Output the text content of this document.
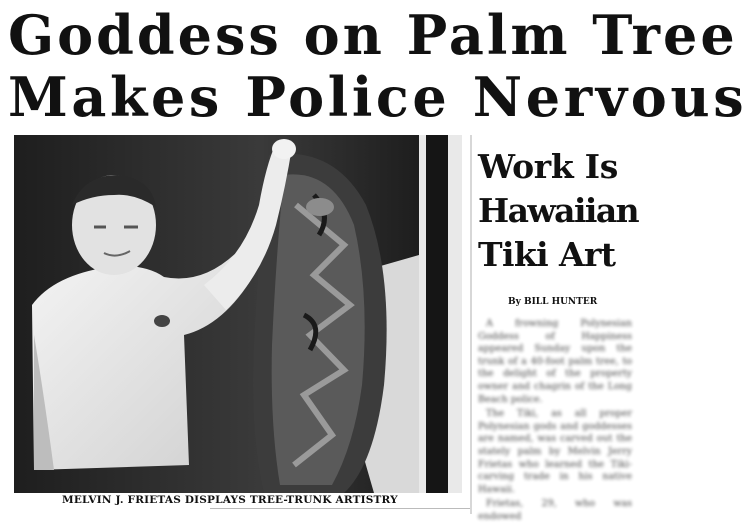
Goddess on Palm Tree
Makes Police Nervous
MELVIN J. FRIETAS DISPLAYS TREE-TRUNK ARTISTRY
Work Is
Hawaiian
Tiki Art
By BILL HUNTER

A frowning Polynesian Goddess of Happiness appeared Sunday upon the trunk of a 40-foot palm tree, to the delight of the property owner and chagrin of the Long Beach police.

The Tiki, as all proper Polynesian gods and goddesses are named, was carved out the stately palm by Melvin Jerry Frietas who learned the Tiki-carving trade in his native Hawaii.

Frietas, 29, who was endowed
